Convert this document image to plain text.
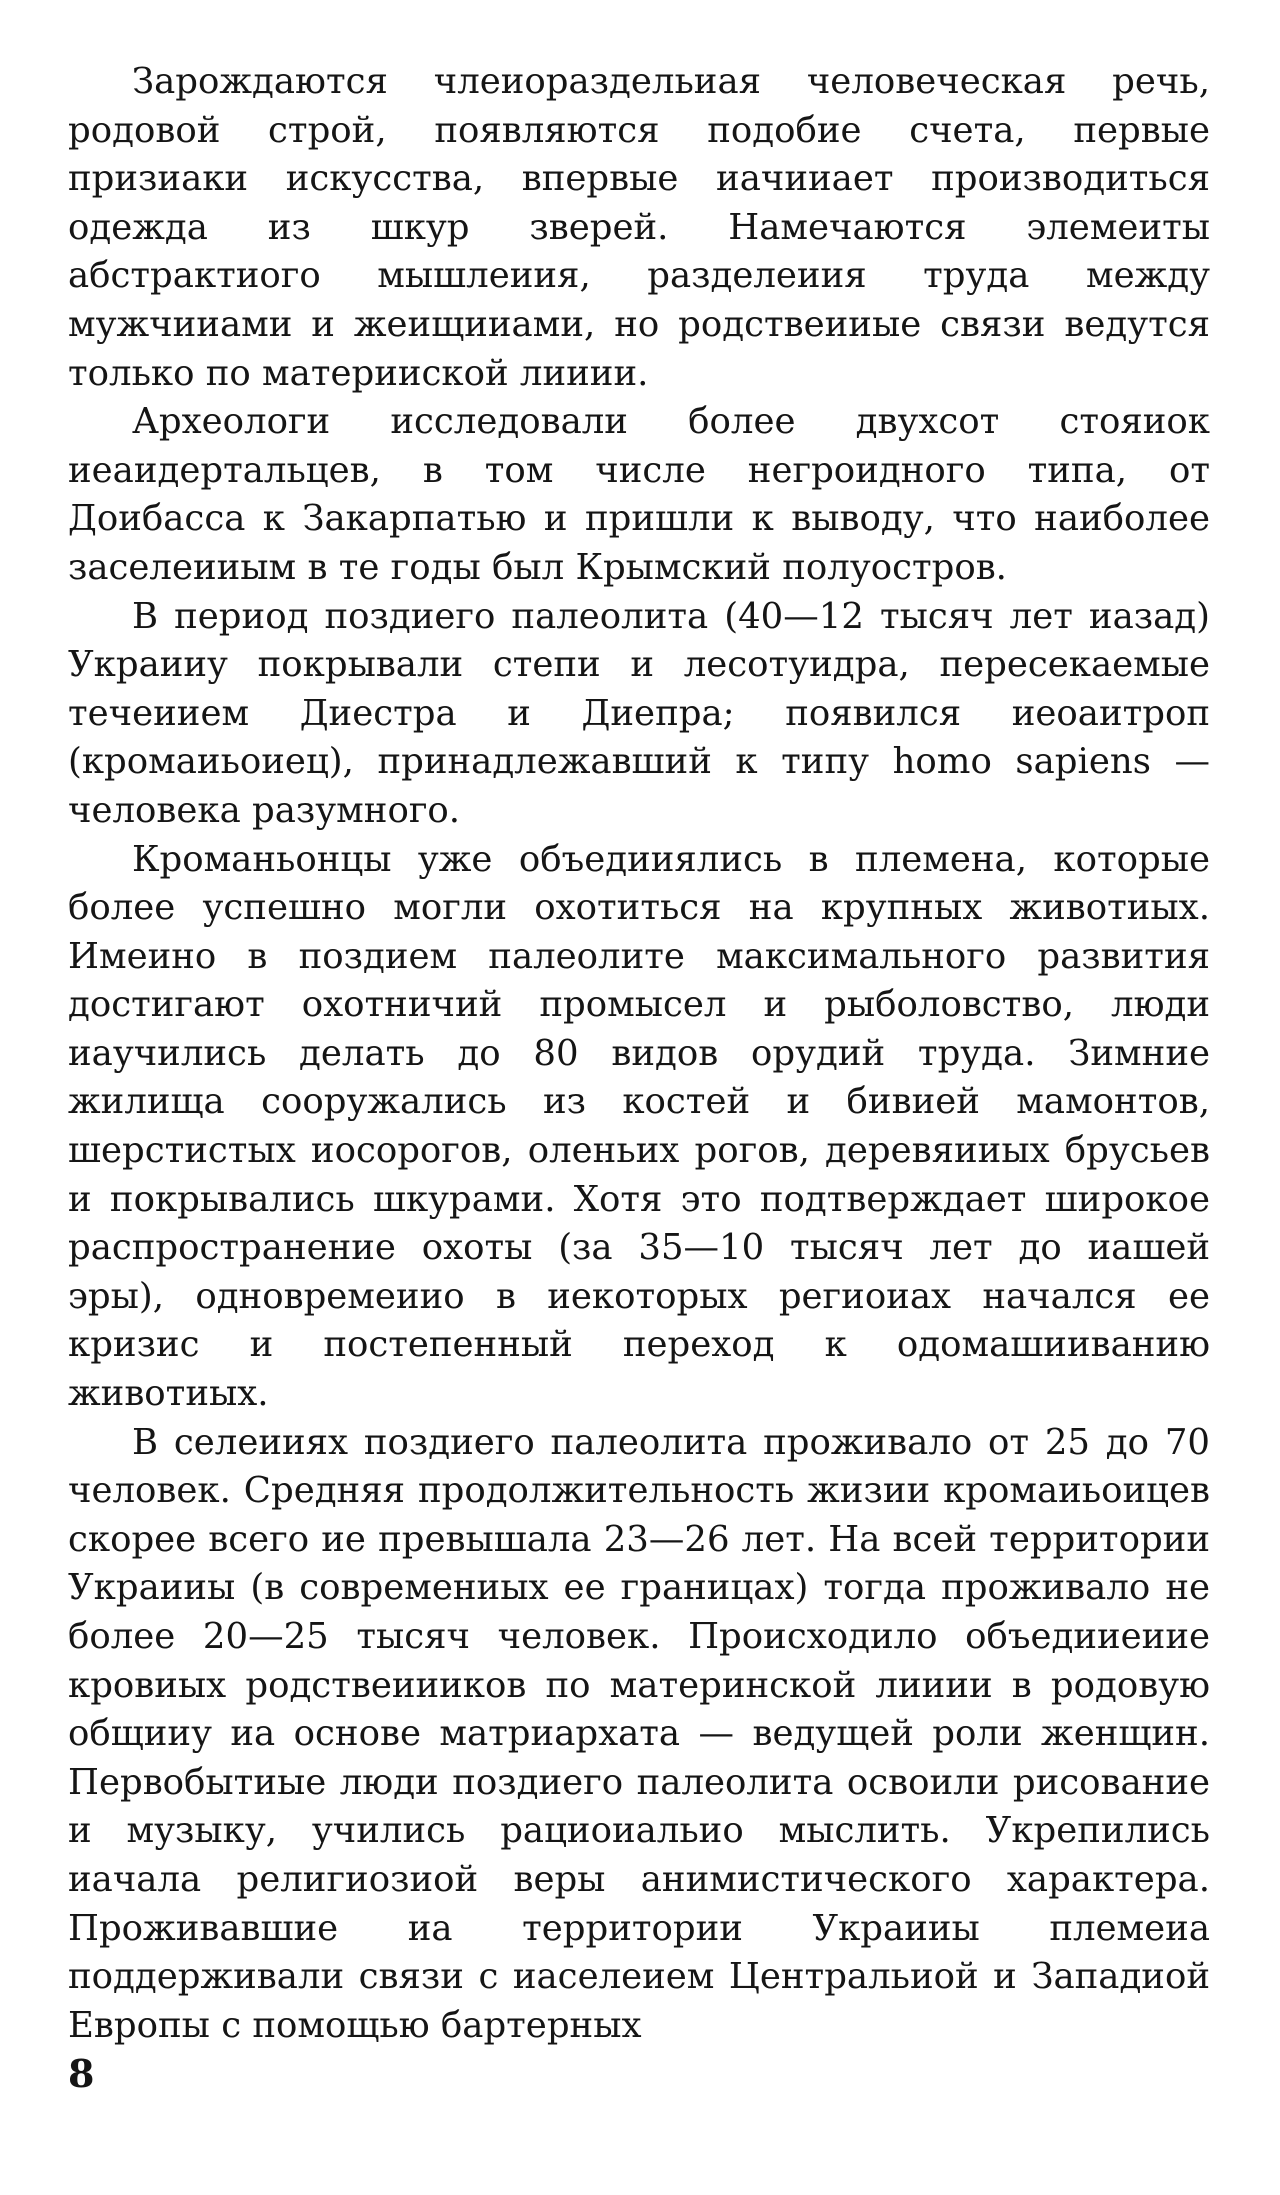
Зарождаются члеиораздельиая человеческая речь, родовой строй, появляются подобие счета, первые призиаки искусства, впервые иачииает производиться одежда из шкур зверей. Намечаются элемеиты абстрактиого мышлеиия, разделеиия труда между мужчииами и жеищииами, но родствеииые связи ведутся только по материиской лииии.

Археологи исследовали более двухсот стояиок иеаидертальцев, в том числе негроидного типа, от Доибасса к Закарпатью и пришли к выводу, что наиболее заселеииым в те годы был Крымский полуостров.

В период поздиего палеолита (40—12 тысяч лет иазад) Украииу покрывали степи и лесотуидра, пересекаемые течеиием Диестра и Диепра; появился иеоаитроп (кромаиьоиец), принадлежавший к типу homo sapiens — человека разумного.

Кроманьонцы уже объедииялись в племена, которые более успешно могли охотиться на крупных животиых. Имеино в поздием палеолите максимального развития достигают охотничий промысел и рыболовство, люди иаучились делать до 80 видов орудий труда. Зимние жилища сооружались из костей и бивией мамонтов, шерстистых иосорогов, оленьих рогов, деревяииых брусьев и покрывались шкурами. Хотя это подтверждает широкое распространение охоты (за 35—10 тысяч лет до иашей эры), одновремеиио в иекоторых региоиах начался ее кризис и постепенный переход к одомашииванию животиых.

В селеииях поздиего палеолита проживало от 25 до 70 человек. Средняя продолжительность жизии кромаиьоицев скорее всего ие превышала 23—26 лет. На всей территории Украииы (в современиых ее границах) тогда проживало не более 20—25 тысяч человек. Происходило объедииеиие кровиых родствеиииков по материнской лииии в родовую общииу иа основе матриархата — ведущей роли женщин. Первобытиые люди поздиего палеолита освоили рисование и музыку, учились рациоиальио мыслить. Укрепились иачала религиозиой веры анимистического характера. Проживавшие иа территории Украииы племеиа поддерживали связи с иаселеием Центральиой и Западиой Европы с помощью бартерных

8
